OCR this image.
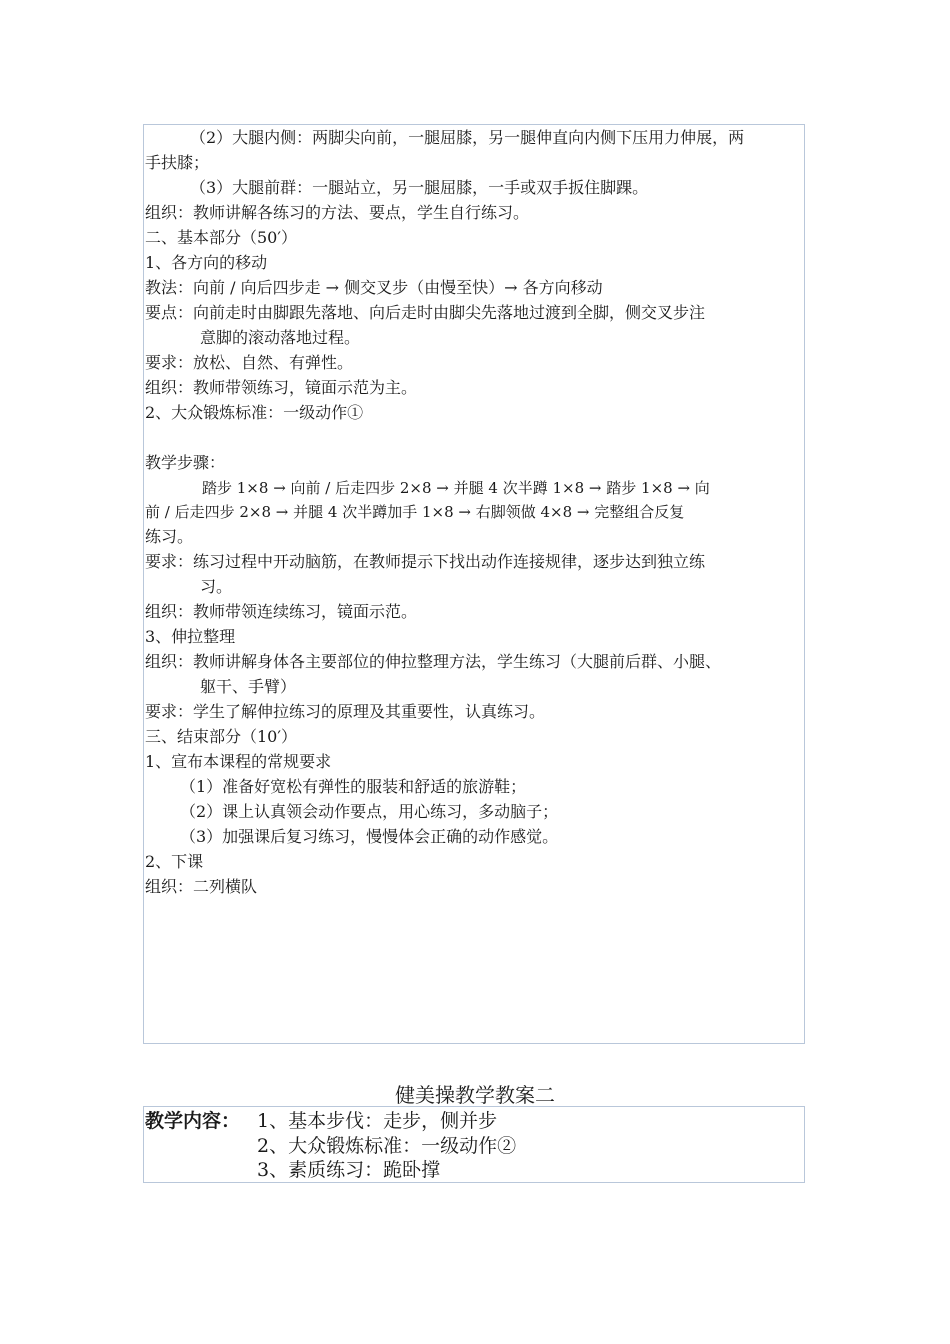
（2）大腿内侧：两脚尖向前，一腿屈膝，另一腿伸直向内侧下压用力伸展，两
手扶膝；
（3）大腿前群：一腿站立，另一腿屈膝，一手或双手扳住脚踝。
组织：教师讲解各练习的方法、要点，学生自行练习。
二、基本部分（50′）
1、各方向的移动
教法：向前 / 向后四步走 → 侧交叉步（由慢至快）→ 各方向移动
要点：向前走时由脚跟先落地、向后走时由脚尖先落地过渡到全脚，侧交叉步注
意脚的滚动落地过程。
要求：放松、自然、有弹性。
组织：教师带领练习，镜面示范为主。
2、大众锻炼标准：一级动作①
教学步骤：
踏步 1×8 → 向前 / 后走四步 2×8 → 并腿 4 次半蹲 1×8 → 踏步 1×8 → 向
前 / 后走四步 2×8 → 并腿 4 次半蹲加手 1×8 → 右脚领做 4×8 → 完整组合反复
练习。
要求：练习过程中开动脑筋，在教师提示下找出动作连接规律，逐步达到独立练
习。
组织：教师带领连续练习，镜面示范。
3、伸拉整理
组织：教师讲解身体各主要部位的伸拉整理方法，学生练习（大腿前后群、小腿、
躯干、手臂）
要求：学生了解伸拉练习的原理及其重要性，认真练习。
三、结束部分（10′）
1、宣布本课程的常规要求
（1）准备好宽松有弹性的服装和舒适的旅游鞋；
（2）课上认真领会动作要点，用心练习，多动脑子；
（3）加强课后复习练习，慢慢体会正确的动作感觉。
2、下课
组织：二列横队
健美操教学教案二
教学内容： 1、基本步伐：走步，侧并步
2、大众锻炼标准：一级动作②
3、素质练习：跪卧撑
